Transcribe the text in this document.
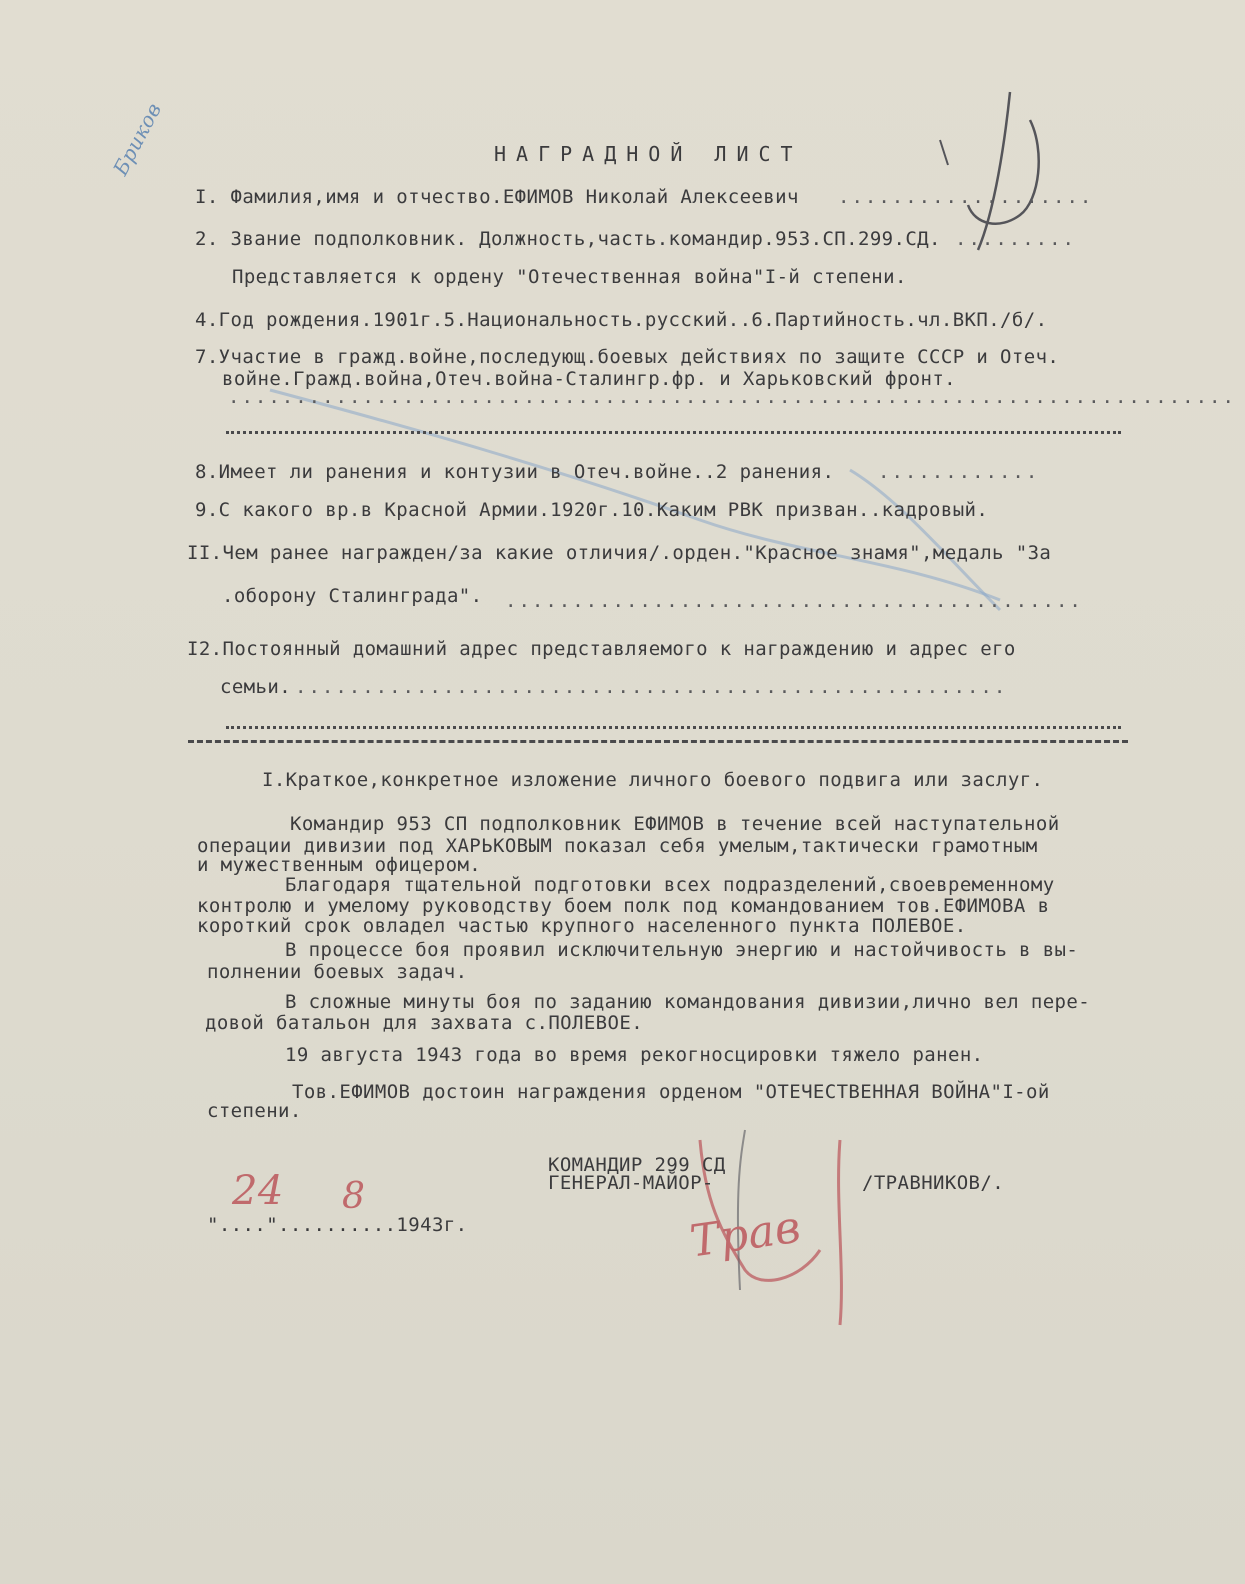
Бриков	НАГРАДНОЙ ЛИСТ
I. Фамилия,имя и отчество.ЕФИМОВ Николай Алексеевич ...................
2. Звание подполковник. Должность,часть.командир.953.СП.299.СД. .........
Представляется к ордену "Отечественная война"I-й степени.
4.Год рождения.1901г.5.Национальность.русский..6.Партийность.чл.ВКП./б/.
7.Участие в гражд.войне,последующ.боевых действиях по защите СССР и Отеч.
войне.Гражд.война,Отеч.война-Сталингр.фр. и Харьковский фронт.
...........................................................................
8.Имеет ли ранения и контузии в Отеч.войне..2 ранения. ............
9.С какого вр.в Красной Армии.1920г.10.Каким РВК призван..кадровый.
II.Чем ранее награжден/за какие отличия/.орден."Красное знамя",медаль "За
.оборону Сталинграда". ...........................................
I2.Постоянный домашний адрес представляемого к награждению и адрес его
семьи. .....................................................
I.Краткое,конкретное изложение личного боевого подвига или заслуг.
Командир 953 СП подполковник ЕФИМОВ в течение всей наступательной
операции дивизии под ХАРЬКОВЫМ показал себя умелым,тактически грамотным
и мужественным офицером.
Благодаря тщательной подготовки всех подразделений,своевременному
контролю и умелому руководству боем полк под командованием тов.ЕФИМОВА в
короткий срок овладел частью крупного населенного пункта ПОЛЕВОЕ.
В процессе боя проявил исключительную энергию и настойчивость в вы-
полнении боевых задач.
В сложные минуты боя по заданию командования дивизии,лично вел пере-
довой батальон для захвата с.ПОЛЕВОЕ.
19 августа 1943 года во время рекогносцировки тяжело ранен.
Тов.ЕФИМОВ достоин награждения орденом "ОТЕЧЕСТВЕННАЯ ВОЙНА"I-ой
степени.
КОМАНДИР 299 СД
ГЕНЕРАЛ-МАЙОР-	/ТРАВНИКОВ/.
Трав
"...."..........1943г.
24 8
